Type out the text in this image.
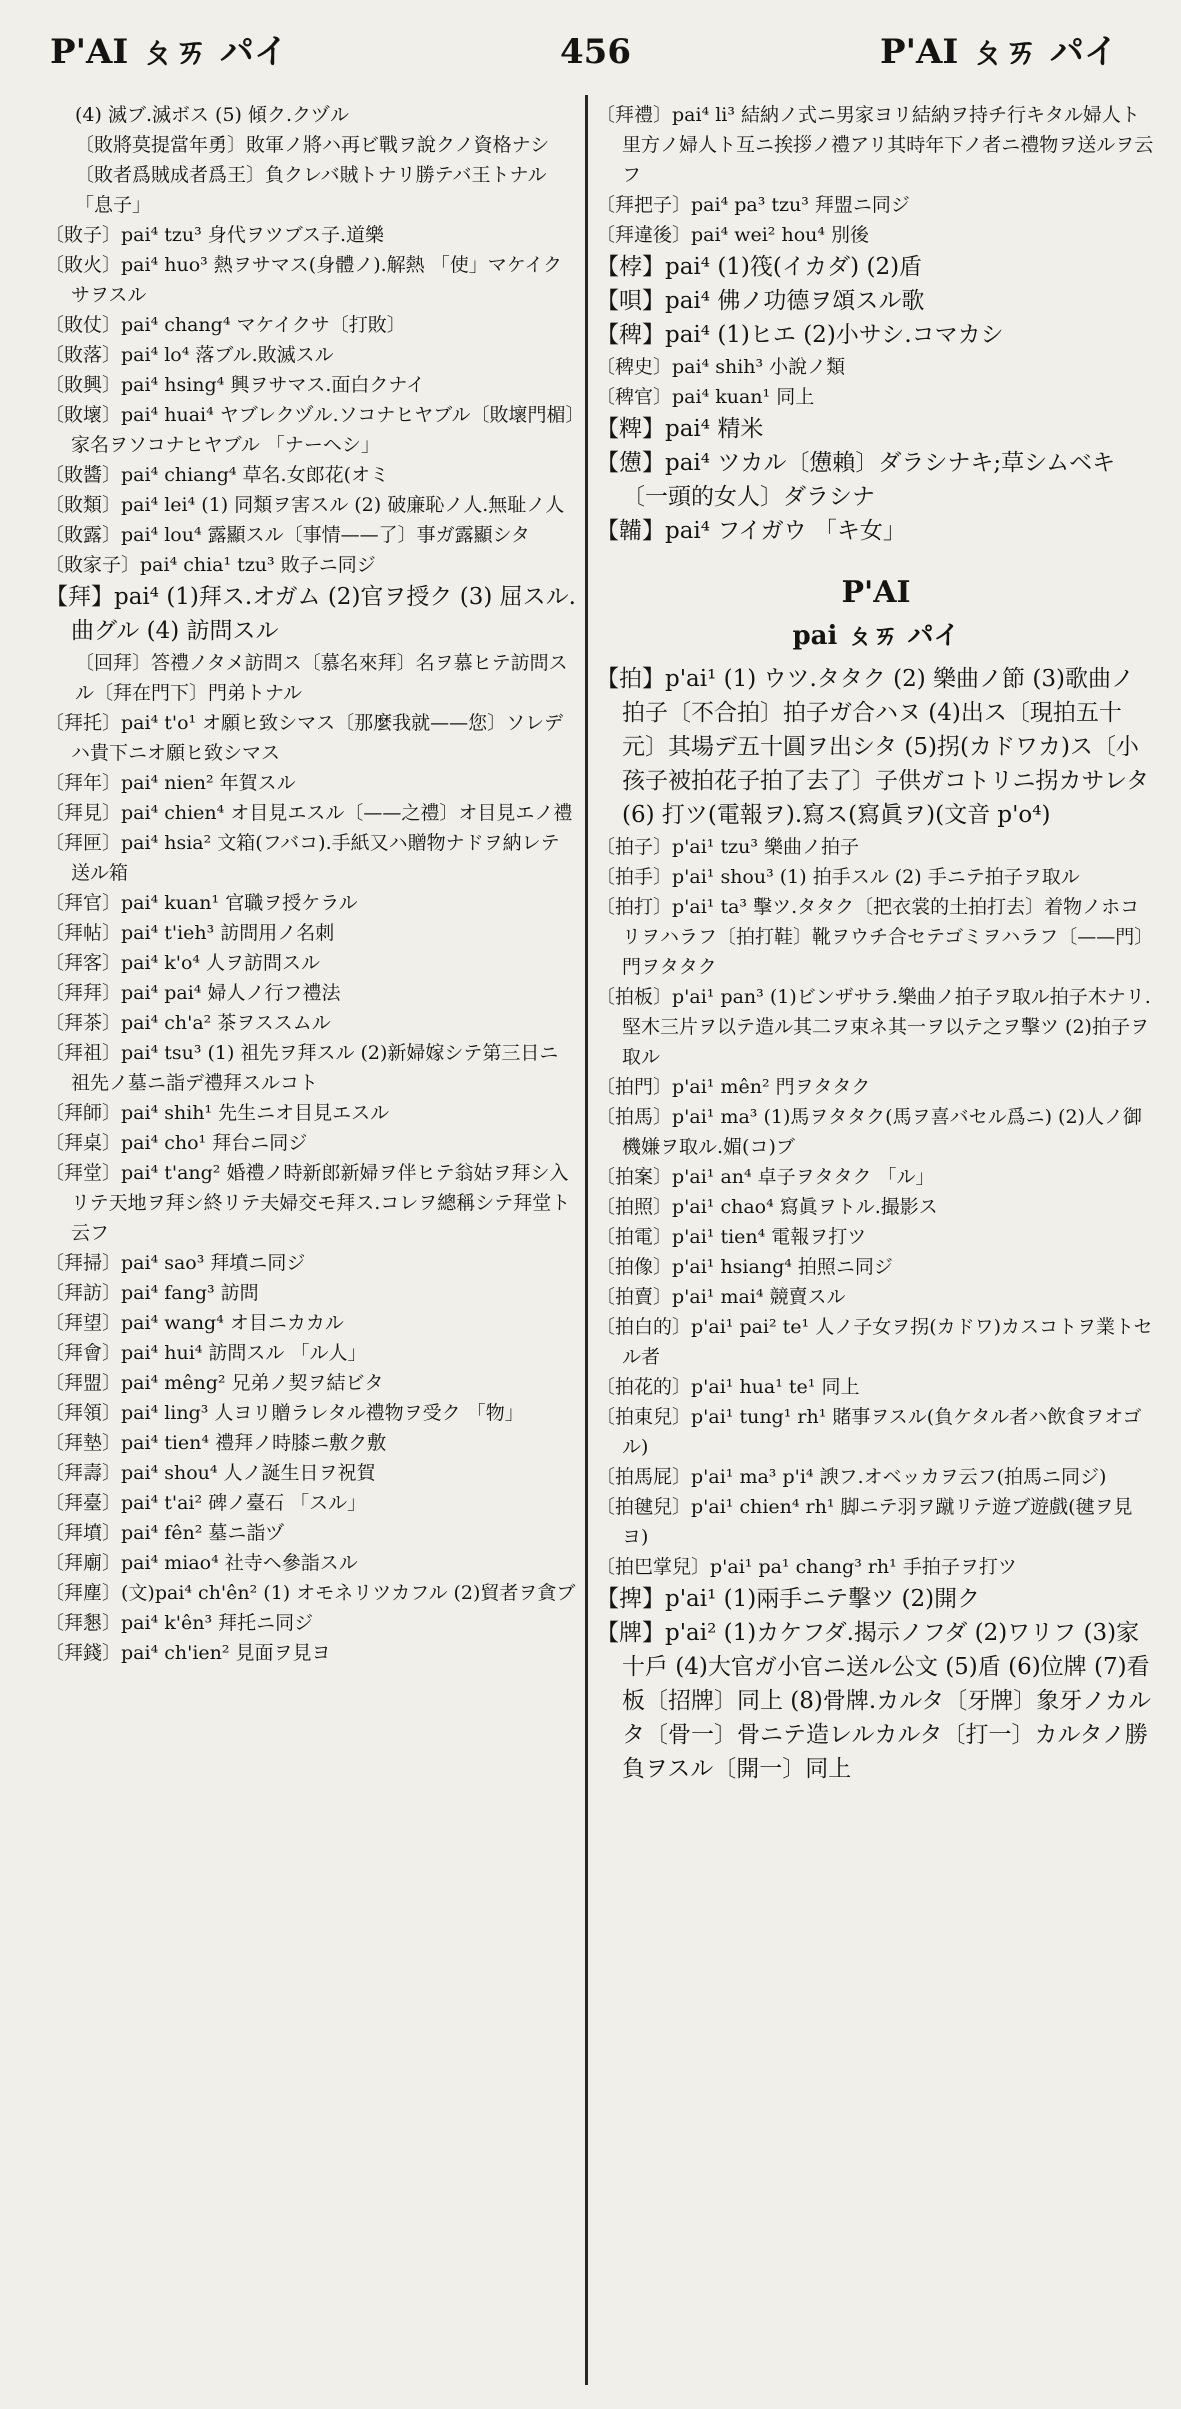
P'AI ㄆㄞ パイ	456	P'AI ㄆㄞ パイ

(4) 滅ブ.滅ボス (5) 傾ク.クヅル

〔敗將莫提當年勇〕敗軍ノ將ハ再ビ戰ヲ說クノ資格ナシ〔敗者爲賊成者爲王〕負クレバ賊トナリ勝テバ王トナル 「息子」

〔敗子〕pai⁴ tzu³ 身代ヲツブス子.道樂

〔敗火〕pai⁴ huo³ 熱ヲサマス(身體ノ).解熱 「使」マケイクサヲスル

〔敗仗〕pai⁴ chang⁴ マケイクサ〔打敗〕

〔敗落〕pai⁴ lo⁴ 落ブル.敗滅スル

〔敗興〕pai⁴ hsing⁴ 興ヲサマス.面白クナイ

〔敗壞〕pai⁴ huai⁴ ヤブレクヅル.ソコナヒヤブル〔敗壞門楣〕家名ヲソコナヒヤブル 「ナーヘシ」

〔敗醬〕pai⁴ chiang⁴ 草名.女郎花(オミ

〔敗類〕pai⁴ lei⁴ (1) 同類ヲ害スル (2) 破廉恥ノ人.無耻ノ人

〔敗露〕pai⁴ lou⁴ 露顯スル〔事情——了〕事ガ露顯シタ

〔敗家子〕pai⁴ chia¹ tzu³ 敗子ニ同ジ

【拜】pai⁴ (1)拜ス.オガム (2)官ヲ授ク (3) 屈スル.曲グル (4) 訪問スル

〔回拜〕答禮ノタメ訪問ス〔慕名來拜〕名ヲ慕ヒテ訪問スル〔拜在門下〕門弟トナル

〔拜托〕pai⁴ t'o¹ オ願ヒ致シマス〔那麼我就——您〕ソレデハ貴下ニオ願ヒ致シマス

〔拜年〕pai⁴ nien² 年賀スル

〔拜見〕pai⁴ chien⁴ オ目見エスル〔——之禮〕オ目見エノ禮

〔拜匣〕pai⁴ hsia² 文箱(フバコ).手紙又ハ贈物ナドヲ納レテ送ル箱

〔拜官〕pai⁴ kuan¹ 官職ヲ授ケラル

〔拜帖〕pai⁴ t'ieh³ 訪問用ノ名刺

〔拜客〕pai⁴ k'o⁴ 人ヲ訪問スル

〔拜拜〕pai⁴ pai⁴ 婦人ノ行フ禮法

〔拜茶〕pai⁴ ch'a² 茶ヲススムル

〔拜祖〕pai⁴ tsu³ (1) 祖先ヲ拜スル (2)新婦嫁シテ第三日ニ祖先ノ墓ニ詣デ禮拜スルコト

〔拜師〕pai⁴ shih¹ 先生ニオ目見エスル

〔拜桌〕pai⁴ cho¹ 拜台ニ同ジ

〔拜堂〕pai⁴ t'ang² 婚禮ノ時新郎新婦ヲ伴ヒテ翁姑ヲ拜シ入リテ天地ヲ拜シ終リテ夫婦交モ拜ス.コレヲ總稱シテ拜堂ト云フ

〔拜掃〕pai⁴ sao³ 拜墳ニ同ジ

〔拜訪〕pai⁴ fang³ 訪問

〔拜望〕pai⁴ wang⁴ オ目ニカカル

〔拜會〕pai⁴ hui⁴ 訪問スル 「ル人」

〔拜盟〕pai⁴ mêng² 兄弟ノ契ヲ結ビタ

〔拜領〕pai⁴ ling³ 人ヨリ贈ラレタル禮物ヲ受ク 「物」

〔拜墊〕pai⁴ tien⁴ 禮拜ノ時膝ニ敷ク敷

〔拜壽〕pai⁴ shou⁴ 人ノ誕生日ヲ祝賀

〔拜臺〕pai⁴ t'ai² 碑ノ臺石 「スル」

〔拜墳〕pai⁴ fên² 墓ニ詣ヅ

〔拜廟〕pai⁴ miao⁴ 社寺ヘ參詣スル

〔拜塵〕(文)pai⁴ ch'ên² (1) オモネリツカフル (2)貿者ヲ貪ブ

〔拜懇〕pai⁴ k'ên³ 拜托ニ同ジ

〔拜錢〕pai⁴ ch'ien² 見面ヲ見ヨ

〔拜禮〕pai⁴ li³ 結納ノ式ニ男家ヨリ結納ヲ持チ行キタル婦人ト里方ノ婦人ト互ニ挨拶ノ禮アリ其時年下ノ者ニ禮物ヲ送ルヲ云フ

〔拜把子〕pai⁴ pa³ tzu³ 拜盟ニ同ジ

〔拜違後〕pai⁴ wei² hou⁴ 別後

【桲】pai⁴ (1)筏(イカダ) (2)盾

【唄】pai⁴ 佛ノ功德ヲ頌スル歌

【稗】pai⁴ (1)ヒエ (2)小サシ.コマカシ

〔稗史〕pai⁴ shih³ 小說ノ類

〔稗官〕pai⁴ kuan¹ 同上

【粺】pai⁴ 精米

【憊】pai⁴ ツカル〔憊賴〕ダラシナキ;草シムベキ〔一頭的女人〕ダラシナ

【韛】pai⁴ フイガウ 「キ女」

P'AI
pai ㄆㄞ パイ

【拍】p'ai¹ (1) ウツ.タタク (2) 樂曲ノ節 (3)歌曲ノ拍子〔不合拍〕拍子ガ合ハヌ (4)出ス〔現拍五十元〕其場デ五十圓ヲ出シタ (5)拐(カドワカ)ス〔小孩子被拍花子拍了去了〕子供ガコトリニ拐カサレタ (6) 打ツ(電報ヲ).寫ス(寫眞ヲ)(文音 p'o⁴)

〔拍子〕p'ai¹ tzu³ 樂曲ノ拍子

〔拍手〕p'ai¹ shou³ (1) 拍手スル (2) 手ニテ拍子ヲ取ル

〔拍打〕p'ai¹ ta³ 擊ツ.タタク〔把衣裳的土拍打去〕着物ノホコリヲハラフ〔拍打鞋〕靴ヲウチ合セテゴミヲハラフ〔——門〕門ヲタタク

〔拍板〕p'ai¹ pan³ (1)ビンザサラ.樂曲ノ拍子ヲ取ル拍子木ナリ.堅木三片ヲ以テ造ル其二ヲ束ネ其一ヲ以テ之ヲ擊ツ (2)拍子ヲ取ル

〔拍門〕p'ai¹ mên² 門ヲタタク

〔拍馬〕p'ai¹ ma³ (1)馬ヲタタク(馬ヲ喜バセル爲ニ) (2)人ノ御機嫌ヲ取ル.媚(コ)ブ

〔拍案〕p'ai¹ an⁴ 卓子ヲタタク 「ル」

〔拍照〕p'ai¹ chao⁴ 寫眞ヲトル.撮影ス

〔拍電〕p'ai¹ tien⁴ 電報ヲ打ツ

〔拍像〕p'ai¹ hsiang⁴ 拍照ニ同ジ

〔拍賣〕p'ai¹ mai⁴ 競賣スル

〔拍白的〕p'ai¹ pai² te¹ 人ノ子女ヲ拐(カドワ)カスコトヲ業トセル者

〔拍花的〕p'ai¹ hua¹ te¹ 同上

〔拍東兒〕p'ai¹ tung¹ rh¹ 賭事ヲスル(負ケタル者ハ飲食ヲオゴル)

〔拍馬屁〕p'ai¹ ma³ p'i⁴ 諛フ.オベッカヲ云フ(拍馬ニ同ジ)

〔拍毽兒〕p'ai¹ chien⁴ rh¹ 脚ニテ羽ヲ蹴リテ遊ブ遊戲(毽ヲ見ヨ)

〔拍巴掌兒〕p'ai¹ pa¹ chang³ rh¹ 手拍子ヲ打ツ

【捭】p'ai¹ (1)兩手ニテ擊ツ (2)開ク

【牌】p'ai² (1)カケフダ.揭示ノフダ (2)ワリフ (3)家十戶 (4)大官ガ小官ニ送ル公文 (5)盾 (6)位牌 (7)看板〔招牌〕同上 (8)骨牌.カルタ〔牙牌〕象牙ノカルタ〔骨一〕骨ニテ造レルカルタ〔打一〕カルタノ勝負ヲスル〔開一〕同上
